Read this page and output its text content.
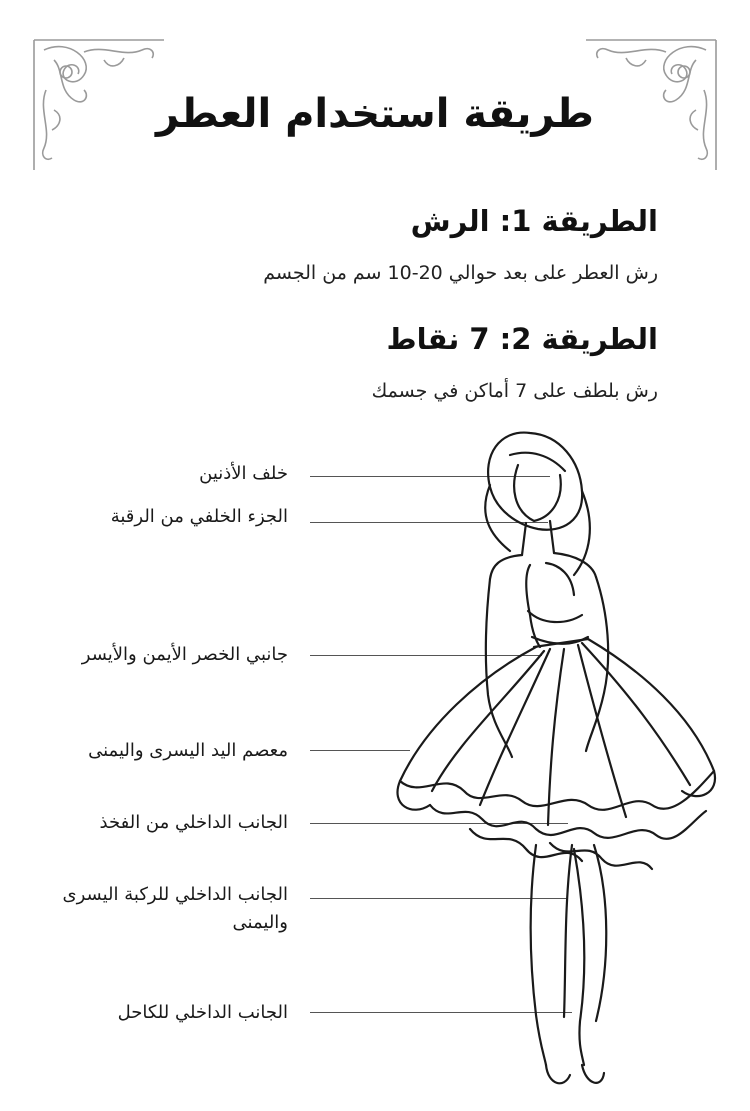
طريقة استخدام العطر
الطريقة 1: الرش
رش العطر على بعد حوالي 20-10 سم من الجسم
الطريقة 2: 7 نقاط
رش بلطف على 7 أماكن في جسمك
خلف الأذنين
الجزء الخلفي من الرقبة
جانبي الخصر الأيمن والأيسر
معصم اليد اليسرى واليمنى
الجانب الداخلي من الفخذ
الجانب الداخلي للركبة اليسرى واليمنى
الجانب الداخلي للكاحل
